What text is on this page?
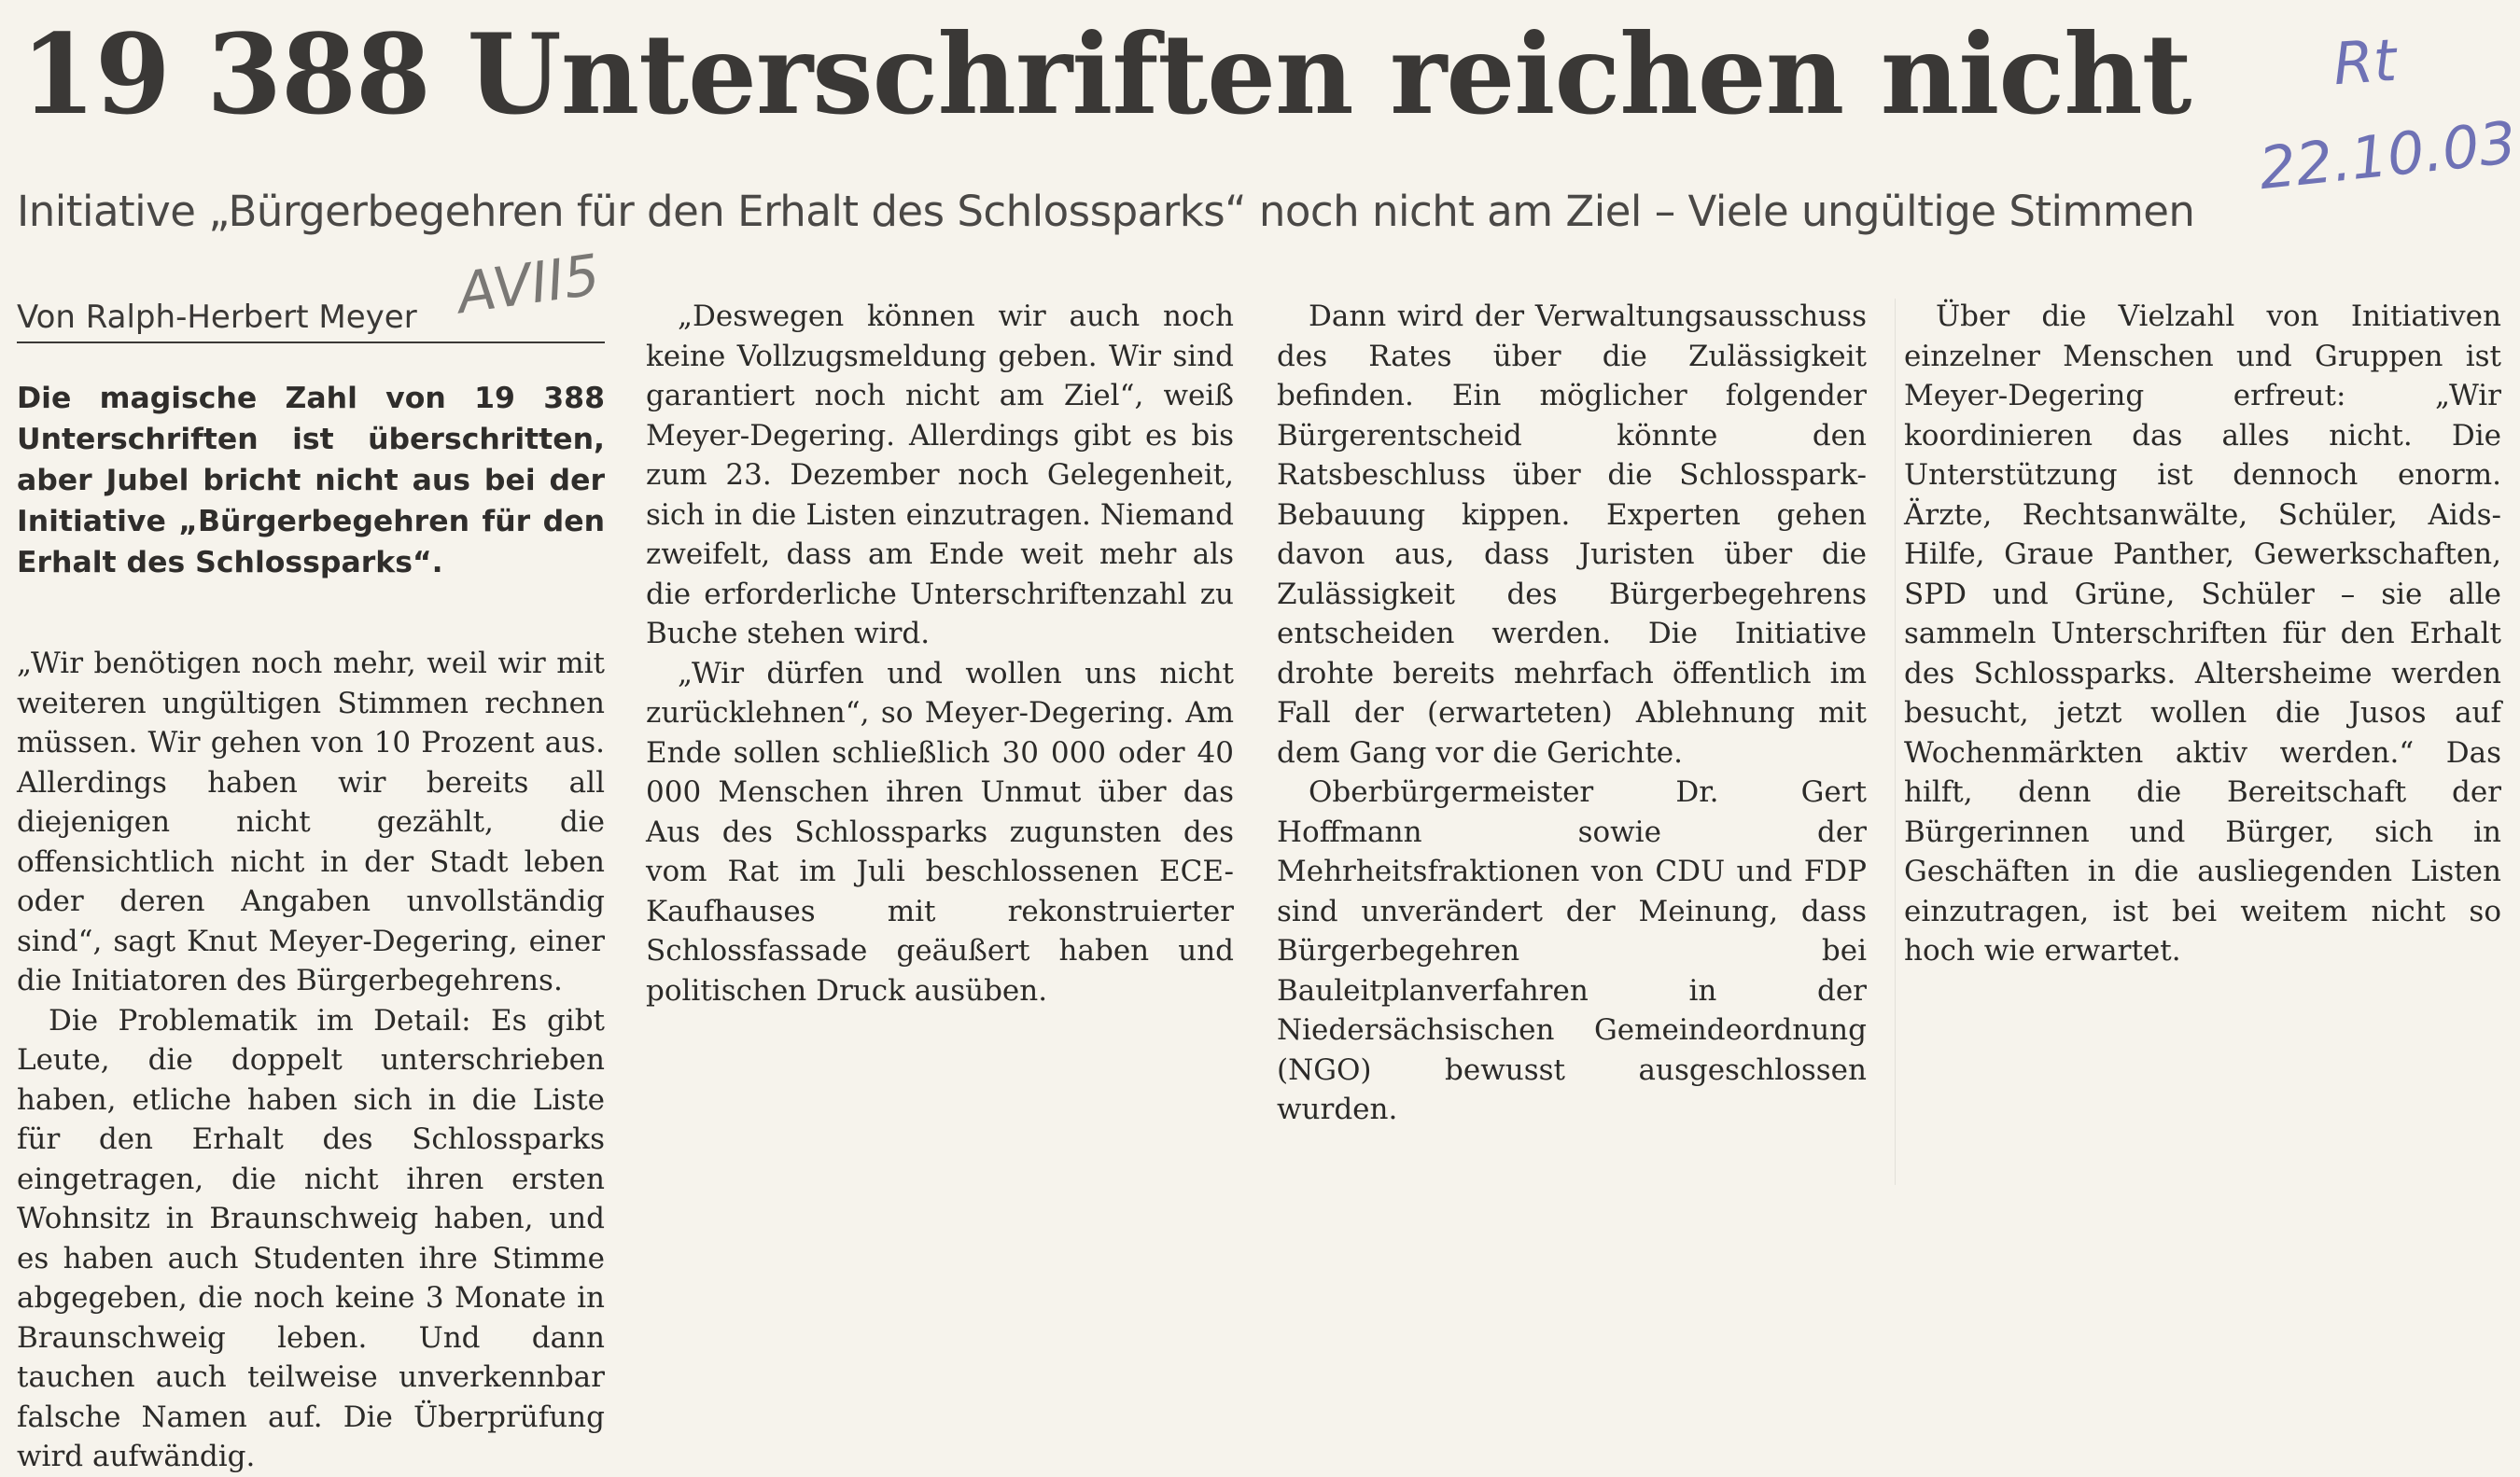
19 388 Unterschriften reichen nicht Rt
22.10.03
Initiative „Bürgerbegehren für den Erhalt des Schlossparks“ noch nicht am Ziel – Viele ungültige Stimmen
Von Ralph-Herbert Meyer AVII5
Die magische Zahl von 19 388 Unterschriften ist überschritten, aber Jubel bricht nicht aus bei der Initiative „Bürgerbegehren für den Erhalt des Schlossparks“.

„Wir benötigen noch mehr, weil wir mit weiteren ungültigen Stimmen rechnen müssen. Wir gehen von 10 Prozent aus. Allerdings haben wir bereits all diejenigen nicht gezählt, die offensichtlich nicht in der Stadt leben oder deren Angaben unvollständig sind“, sagt Knut Meyer-Degering, einer die Initiatoren des Bürgerbegehrens.

Die Problematik im Detail: Es gibt Leute, die doppelt unterschrieben haben, etliche haben sich in die Liste für den Erhalt des Schlossparks eingetragen, die nicht ihren ersten Wohnsitz in Braunschweig haben, und es haben auch Studenten ihre Stimme abgegeben, die noch keine 3 Monate in Braunschweig leben. Und dann tauchen auch teilweise unverkennbar falsche Namen auf. Die Überprüfung wird aufwändig.

„Deswegen können wir auch noch keine Vollzugsmeldung geben. Wir sind garantiert noch nicht am Ziel“, weiß Meyer-Degering. Allerdings gibt es bis zum 23. Dezember noch Gelegenheit, sich in die Listen einzutragen. Niemand zweifelt, dass am Ende weit mehr als die erforderliche Unterschriftenzahl zu Buche stehen wird.

„Wir dürfen und wollen uns nicht zurücklehnen“, so Meyer-Degering. Am Ende sollen schließlich 30 000 oder 40 000 Menschen ihren Unmut über das Aus des Schlossparks zugunsten des vom Rat im Juli beschlossenen ECE-Kaufhauses mit rekonstruierter Schlossfassade geäußert haben und politischen Druck ausüben.

Dann wird der Verwaltungsausschuss des Rates über die Zulässigkeit befinden. Ein möglicher folgender Bürgerentscheid könnte den Ratsbeschluss über die Schlosspark-Bebauung kippen. Experten gehen davon aus, dass Juristen über die Zulässigkeit des Bürgerbegehrens entscheiden werden. Die Initiative drohte bereits mehrfach öffentlich im Fall der (erwarteten) Ablehnung mit dem Gang vor die Gerichte.

Oberbürgermeister Dr. Gert Hoffmann sowie der Mehrheitsfraktionen von CDU und FDP sind unverändert der Meinung, dass Bürgerbegehren bei Bauleitplanverfahren in der Niedersächsischen Gemeindeordnung (NGO) bewusst ausgeschlossen wurden.

Über die Vielzahl von Initiativen einzelner Menschen und Gruppen ist Meyer-Degering erfreut: „Wir koordinieren das alles nicht. Die Unterstützung ist dennoch enorm. Ärzte, Rechtsanwälte, Schüler, Aids-Hilfe, Graue Panther, Gewerkschaften, SPD und Grüne, Schüler – sie alle sammeln Unterschriften für den Erhalt des Schlossparks. Altersheime werden besucht, jetzt wollen die Jusos auf Wochenmärkten aktiv werden.“ Das hilft, denn die Bereitschaft der Bürgerinnen und Bürger, sich in Geschäften in die ausliegenden Listen einzutragen, ist bei weitem nicht so hoch wie erwartet.
